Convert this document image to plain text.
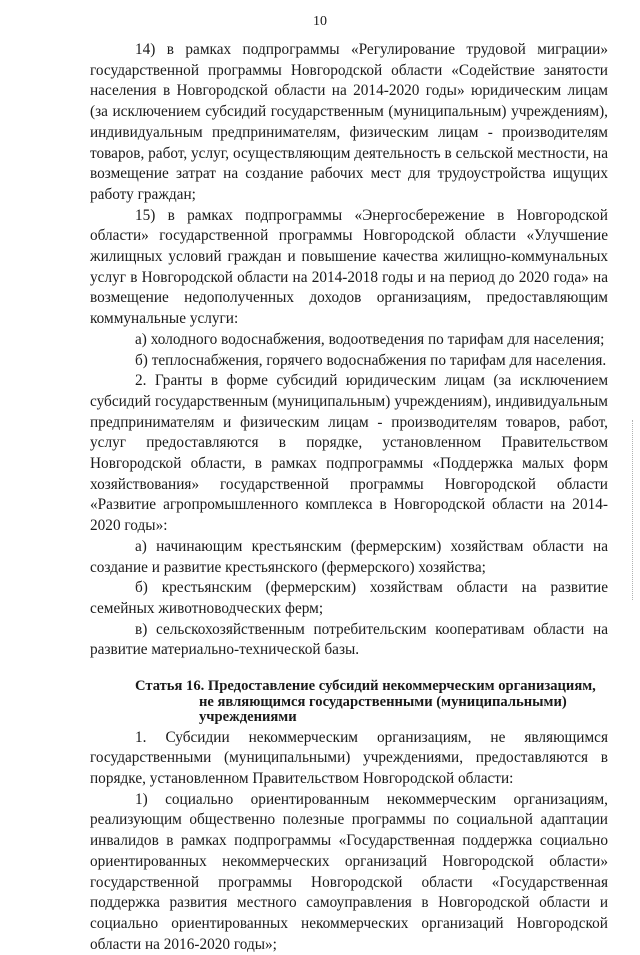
10

14) в рамках подпрограммы «Регулирование трудовой миграции» государственной программы Новгородской области «Содействие занятости населения в Новгородской области на 2014-2020 годы» юридическим лицам (за исключением субсидий государственным (муниципальным) учреждениям), индивидуальным предпринимателям, физическим лицам - производителям товаров, работ, услуг, осуществляющим деятельность в сельской местности, на возмещение затрат на создание рабочих мест для трудоустройства ищущих работу граждан;

15) в рамках подпрограммы «Энергосбережение в Новгородской области» государственной программы Новгородской области «Улучшение жилищных условий граждан и повышение качества жилищно-коммунальных услуг в Новгородской области на 2014-2018 годы и на период до 2020 года» на возмещение недополученных доходов организациям, предоставляющим коммунальные услуги:

а) холодного водоснабжения, водоотведения по тарифам для населения;

б) теплоснабжения, горячего водоснабжения по тарифам для населения.

2. Гранты в форме субсидий юридическим лицам (за исключением субсидий государственным (муниципальным) учреждениям), индивидуальным предпринимателям и физическим лицам - производителям товаров, работ, услуг предоставляются в порядке, установленном Правительством Новгородской области, в рамках подпрограммы «Поддержка малых форм хозяйствования» государственной программы Новгородской области «Развитие агропромышленного комплекса в Новгородской области на 2014-2020 годы»:

а) начинающим крестьянским (фермерским) хозяйствам области на создание и развитие крестьянского (фермерского) хозяйства;

б) крестьянским (фермерским) хозяйствам области на развитие семейных животноводческих ферм;

в) сельскохозяйственным потребительским кооперативам области на развитие материально-технической базы.

Статья 16. Предоставление субсидий некоммерческим организациям,
не являющимся государственными (муниципальными) учреждениями

1. Субсидии некоммерческим организациям, не являющимся государственными (муниципальными) учреждениями, предоставляются в порядке, установленном Правительством Новгородской области:

1) социально ориентированным некоммерческим организациям, реализующим общественно полезные программы по социальной адаптации инвалидов в рамках подпрограммы «Государственная поддержка социально ориентированных некоммерческих организаций Новгородской области» государственной программы Новгородской области «Государственная поддержка развития местного самоуправления в Новгородской области и социально ориентированных некоммерческих организаций Новгородской области на 2016-2020 годы»;
